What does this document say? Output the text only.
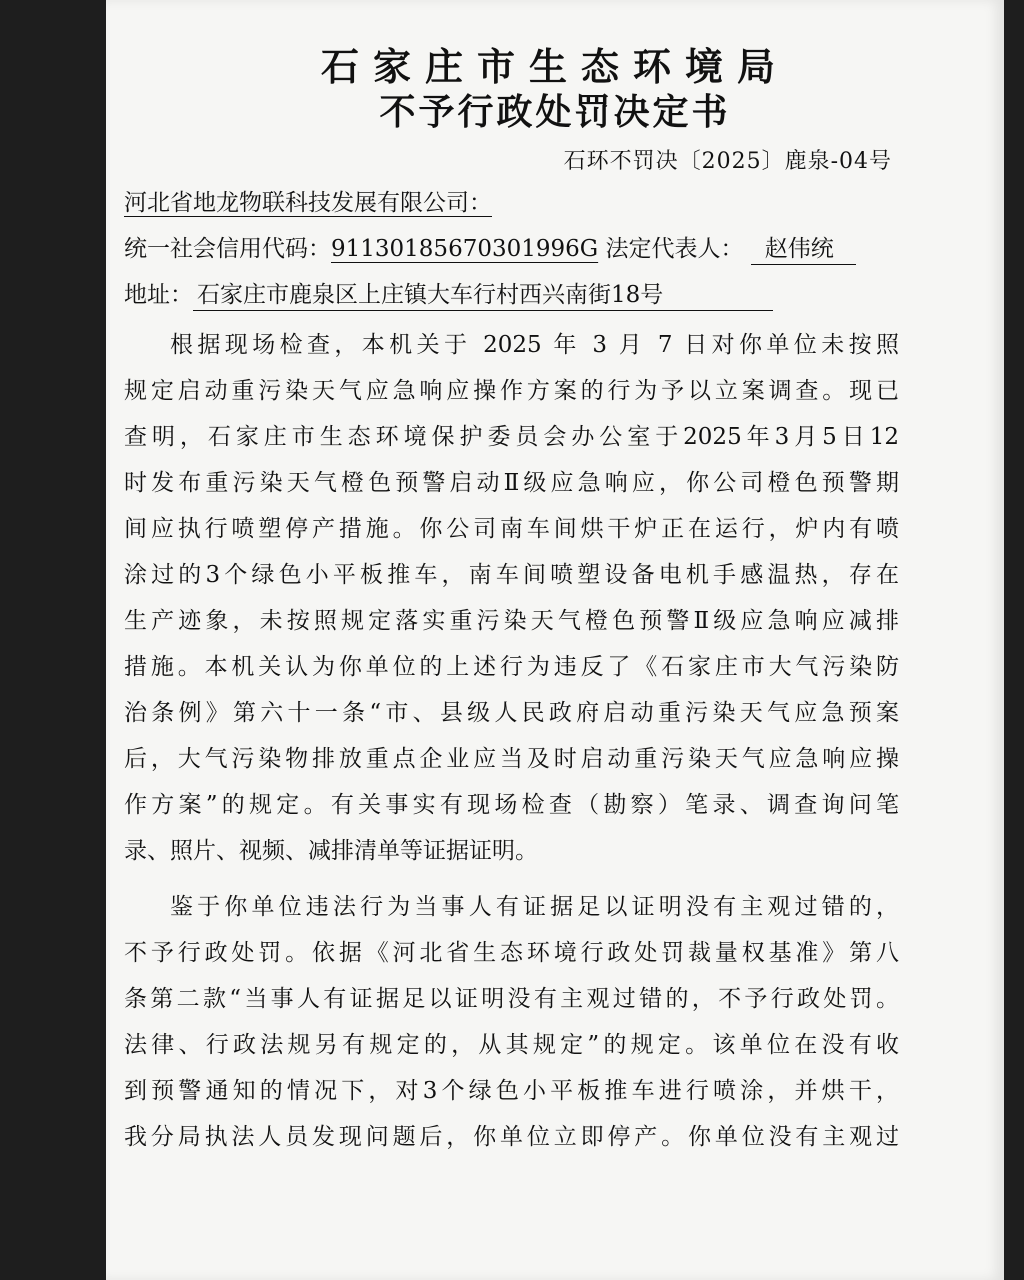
石家庄市生态环境局
不予行政处罚决定书
石环不罚决〔2025〕鹿泉-04号
河北省地龙物联科技发展有限公司：
统一社会信用代码：91130185670301996G 法定代表人： 赵伟统
地址： 石家庄市鹿泉区上庄镇大车行村西兴南街18号
根据现场检查，本机关于 2025 年 3 月 7 日对你单位未按照
规定启动重污染天气应急响应操作方案的行为予以立案调查。现已
查明，石家庄市生态环境保护委员会办公室于2025年3月5日12
时发布重污染天气橙色预警启动Ⅱ级应急响应，你公司橙色预警期
间应执行喷塑停产措施。你公司南车间烘干炉正在运行，炉内有喷
涂过的3个绿色小平板推车，南车间喷塑设备电机手感温热，存在
生产迹象，未按照规定落实重污染天气橙色预警Ⅱ级应急响应减排
措施。本机关认为你单位的上述行为违反了《石家庄市大气污染防
治条例》第六十一条“市、县级人民政府启动重污染天气应急预案
后，大气污染物排放重点企业应当及时启动重污染天气应急响应操
作方案”的规定。有关事实有现场检查（勘察）笔录、调查询问笔
录、照片、视频、减排清单等证据证明。
鉴于你单位违法行为当事人有证据足以证明没有主观过错的，
不予行政处罚。依据《河北省生态环境行政处罚裁量权基准》第八
条第二款“当事人有证据足以证明没有主观过错的，不予行政处罚。
法律、行政法规另有规定的，从其规定”的规定。该单位在没有收
到预警通知的情况下，对3个绿色小平板推车进行喷涂，并烘干，
我分局执法人员发现问题后，你单位立即停产。你单位没有主观过
